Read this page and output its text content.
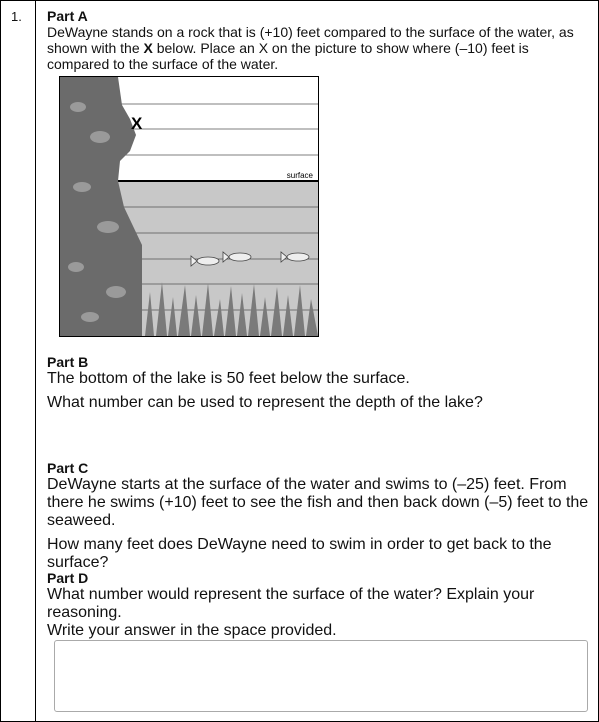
1. Part A

DeWayne stands on a rock that is (+10) feet compared to the surface of the water, as shown with the X below. Place an X on the picture to show where (–10) feet is compared to the surface of the water.

X
surface
Part B

The bottom of the lake is 50 feet below the surface.

What number can be used to represent the depth of the lake?

Part C

DeWayne starts at the surface of the water and swims to (–25) feet. From there he swims (+10) feet to see the fish and then back down (–5) feet to the seaweed.

How many feet does DeWayne need to swim in order to get back to the surface?

Part D

What number would represent the surface of the water? Explain your reasoning.

Write your answer in the space provided.
